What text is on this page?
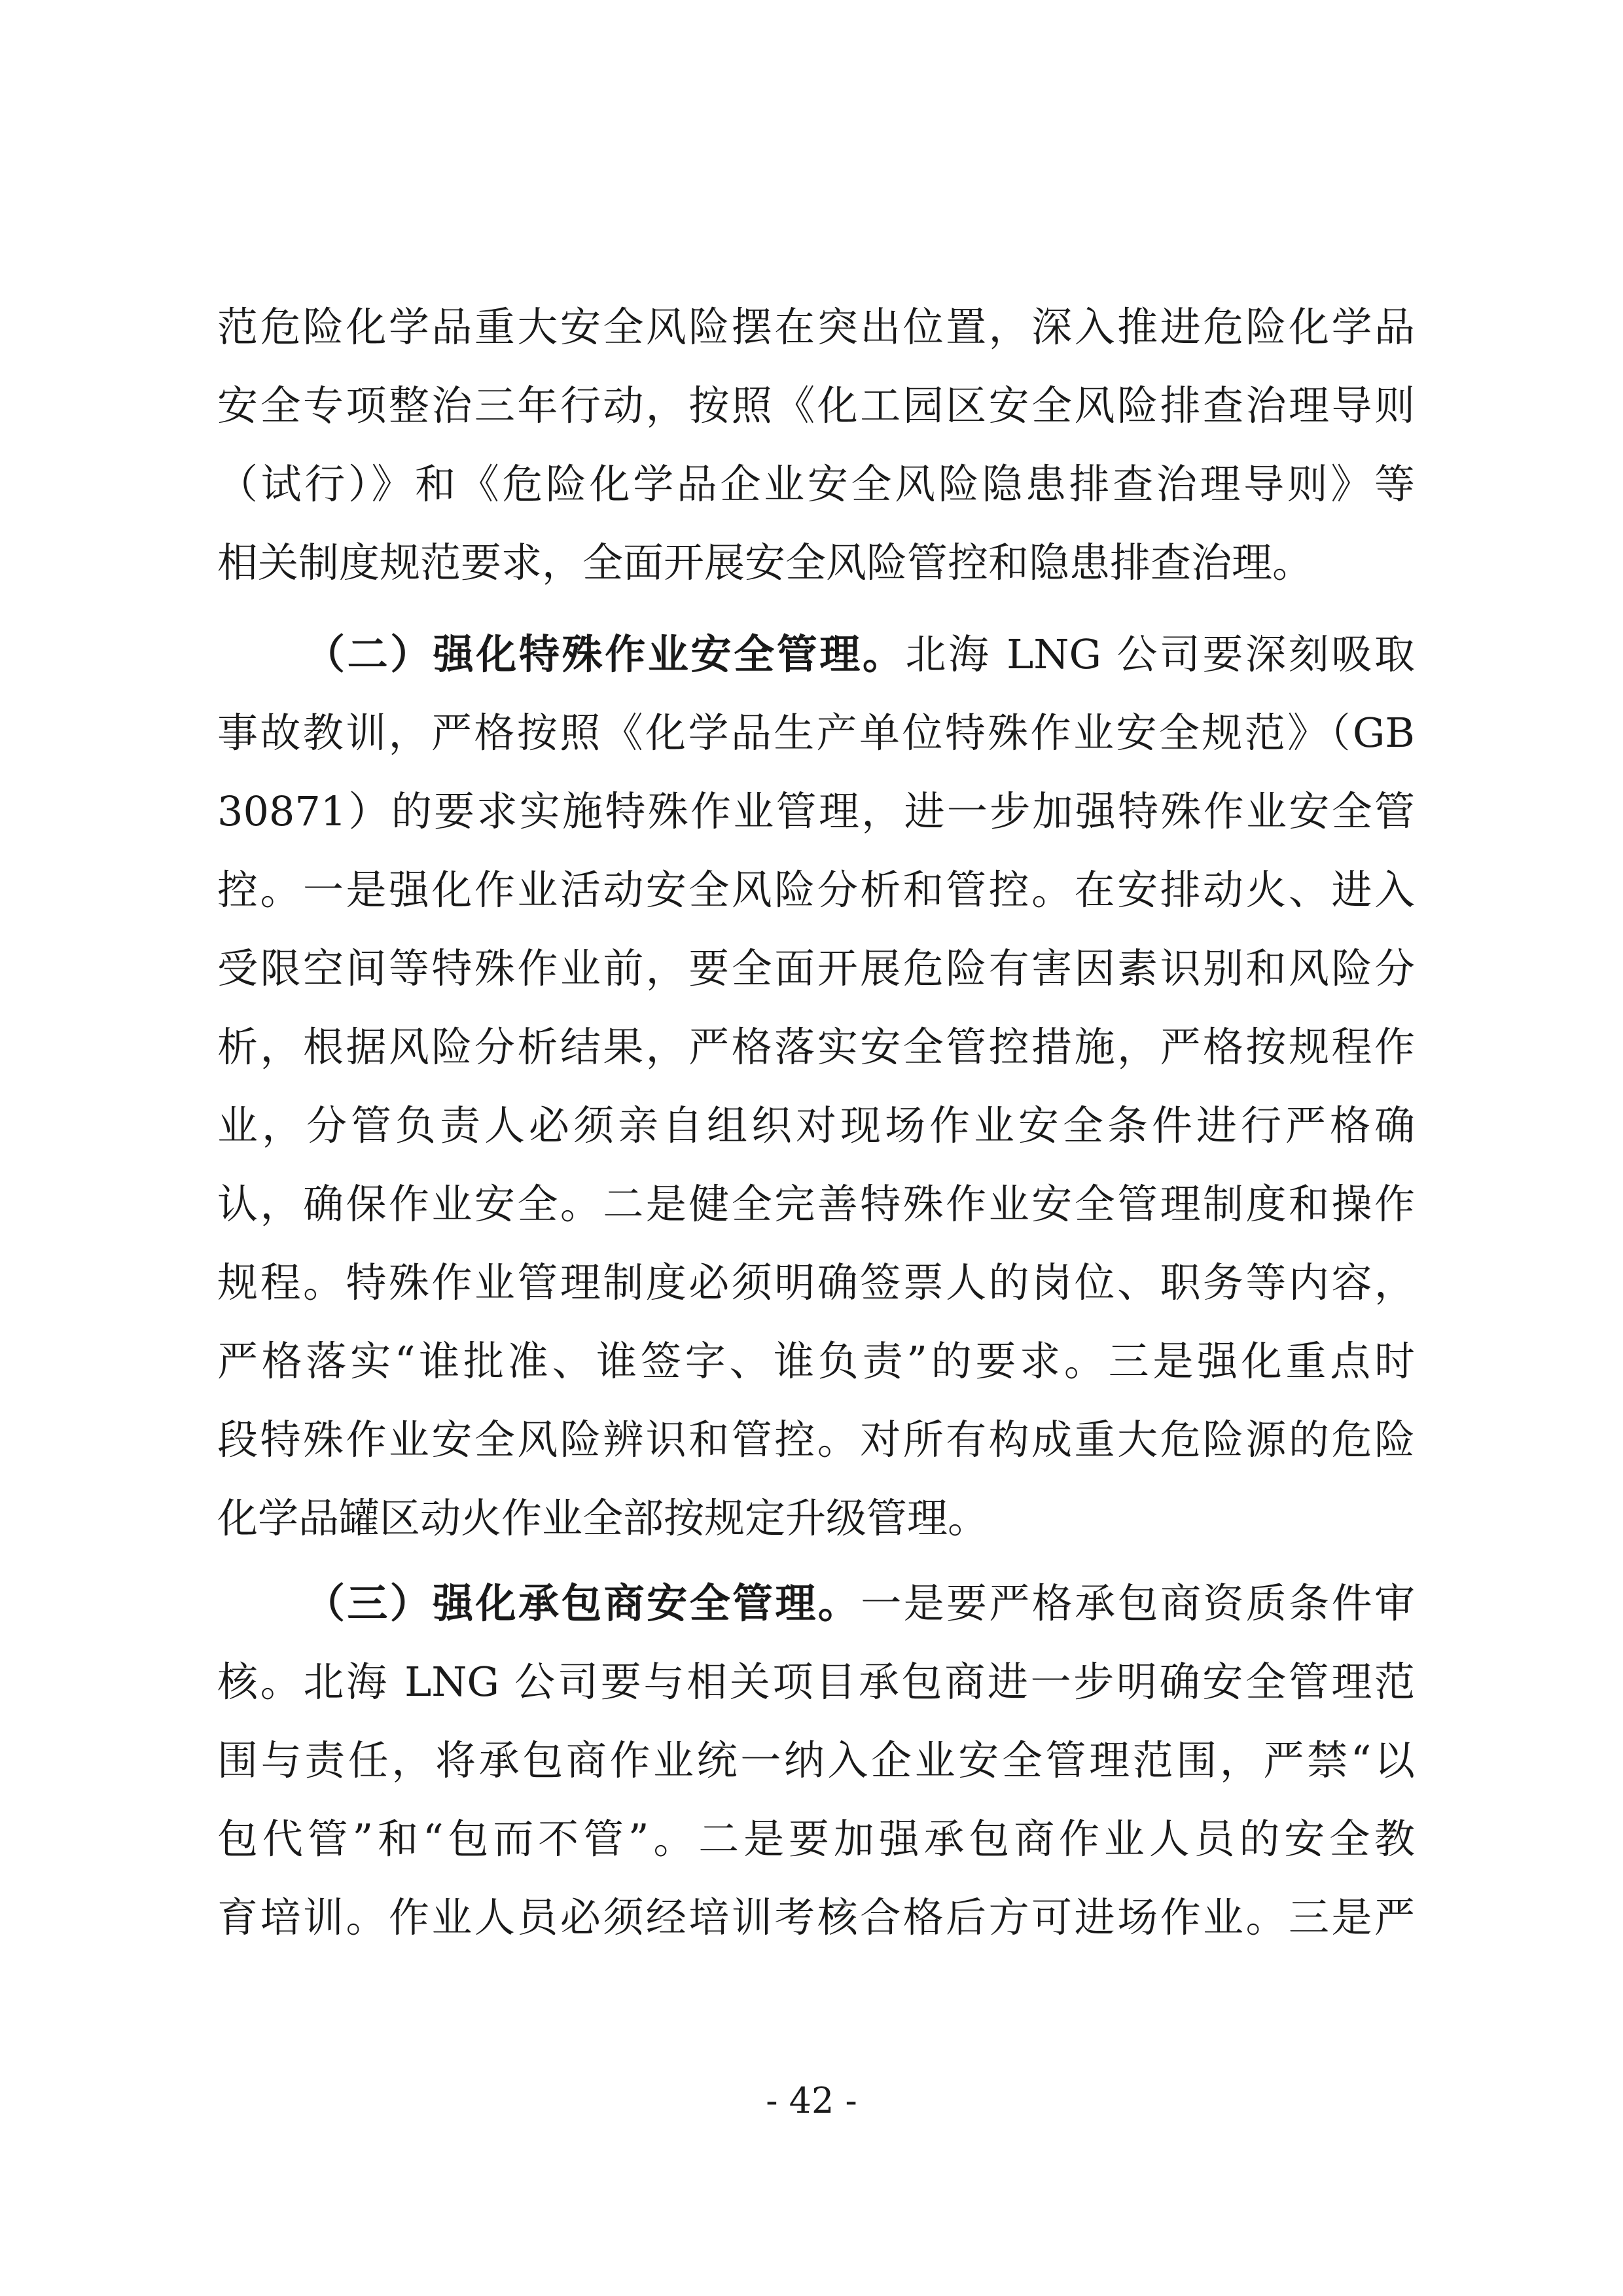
范危险化学品重大安全风险摆在突出位置，深入推进危险化学品
安全专项整治三年行动，按照《化工园区安全风险排查治理导则
（试行）》和《危险化学品企业安全风险隐患排查治理导则》等
相关制度规范要求，全面开展安全风险管控和隐患排查治理。
（二）强化特殊作业安全管理。北海 LNG 公司要深刻吸取
事故教训，严格按照《化学品生产单位特殊作业安全规范》（GB
30871）的要求实施特殊作业管理，进一步加强特殊作业安全管
控。一是强化作业活动安全风险分析和管控。在安排动火、进入
受限空间等特殊作业前，要全面开展危险有害因素识别和风险分
析，根据风险分析结果，严格落实安全管控措施，严格按规程作
业，分管负责人必须亲自组织对现场作业安全条件进行严格确
认，确保作业安全。二是健全完善特殊作业安全管理制度和操作
规程。特殊作业管理制度必须明确签票人的岗位、职务等内容，
严格落实“谁批准、谁签字、谁负责”的要求。三是强化重点时
段特殊作业安全风险辨识和管控。对所有构成重大危险源的危险
化学品罐区动火作业全部按规定升级管理。
（三）强化承包商安全管理。一是要严格承包商资质条件审
核。北海 LNG 公司要与相关项目承包商进一步明确安全管理范
围与责任，将承包商作业统一纳入企业安全管理范围，严禁“以
包代管”和“包而不管”。二是要加强承包商作业人员的安全教
育培训。作业人员必须经培训考核合格后方可进场作业。三是严
- 42 -
